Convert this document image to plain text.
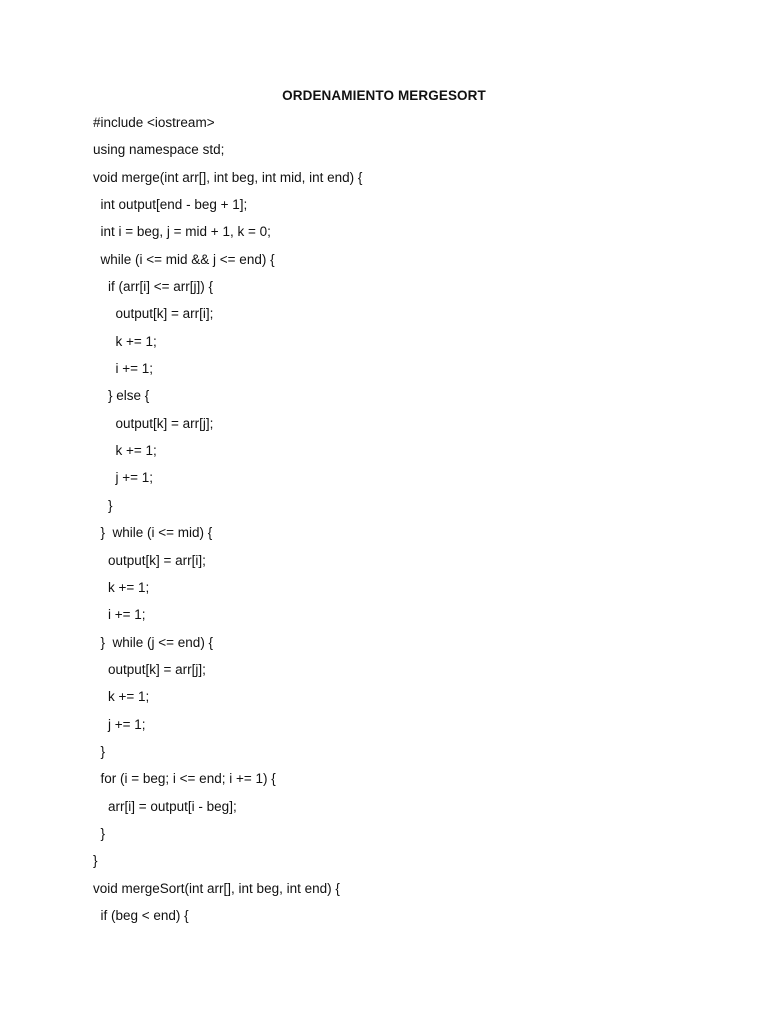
ORDENAMIENTO MERGESORT
#include <iostream>
using namespace std;
void merge(int arr[], int beg, int mid, int end) {
int output[end - beg + 1];
int i = beg, j = mid + 1, k = 0;
while (i <= mid && j <= end) {
if (arr[i] <= arr[j]) {
output[k] = arr[i];
k += 1;
i += 1;
} else {
output[k] = arr[j];
k += 1;
j += 1;
}
}  while (i <= mid) {
output[k] = arr[i];
k += 1;
i += 1;
}  while (j <= end) {
output[k] = arr[j];
k += 1;
j += 1;
}
for (i = beg; i <= end; i += 1) {
arr[i] = output[i - beg];
}
}
void mergeSort(int arr[], int beg, int end) {
if (beg < end) {
